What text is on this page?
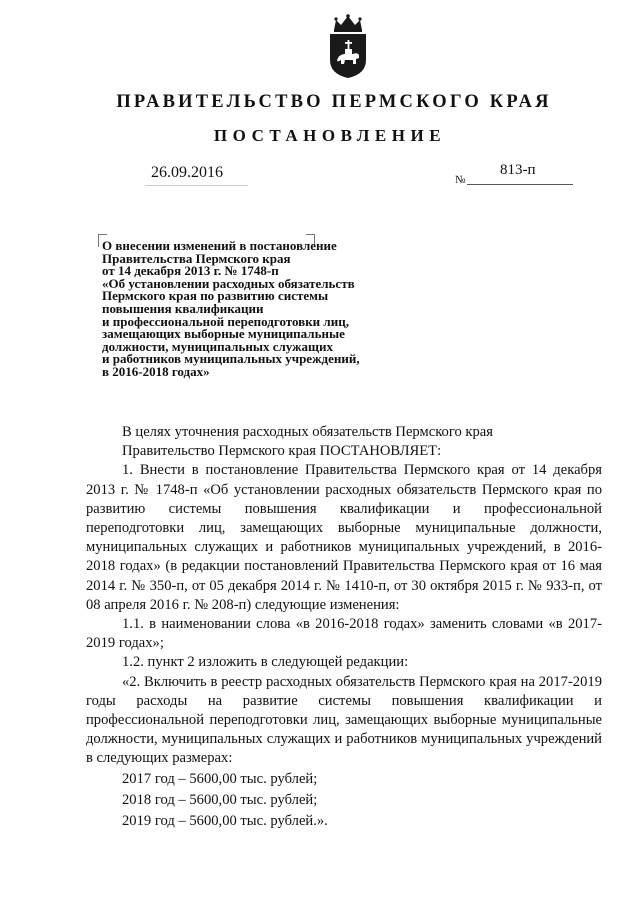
ПРАВИТЕЛЬСТВО ПЕРМСКОГО КРАЯ
ПОСТАНОВЛЕНИЕ
26.09.2016	№
813-п
О внесении изменений в постановление
Правительства Пермского края
от 14 декабря 2013 г. № 1748-п
«Об установлении расходных обязательств
Пермского края по развитию системы
повышения квалификации
и профессиональной переподготовки лиц,
замещающих выборные муниципальные
должности, муниципальных служащих
и работников муниципальных учреждений,
в 2016-2018 годах»

В целях уточнения расходных обязательств Пермского края

Правительство Пермского края ПОСТАНОВЛЯЕТ:

1. Внести в постановление Правительства Пермского края от 14 декабря 2013 г. № 1748-п «Об установлении расходных обязательств Пермского края по развитию системы повышения квалификации и профессиональной переподготовки лиц, замещающих выборные муниципальные должности, муниципальных служащих и работников муниципальных учреждений, в 2016-2018 годах» (в редакции постановлений Правительства Пермского края от 16 мая 2014 г. № 350-п, от 05 декабря 2014 г. № 1410-п, от 30 октября 2015 г. № 933-п, от 08 апреля 2016 г. № 208-п) следующие изменения:

1.1. в наименовании слова «в 2016-2018 годах» заменить словами «в 2017-2019 годах»;

1.2. пункт 2 изложить в следующей редакции:

«2. Включить в реестр расходных обязательств Пермского края на 2017-2019 годы расходы на развитие системы повышения квалификации и профессиональной переподготовки лиц, замещающих выборные муниципальные должности, муниципальных служащих и работников муниципальных учреждений в следующих размерах:

2017 год – 5600,00 тыс. рублей;

2018 год – 5600,00 тыс. рублей;

2019 год – 5600,00 тыс. рублей.».
